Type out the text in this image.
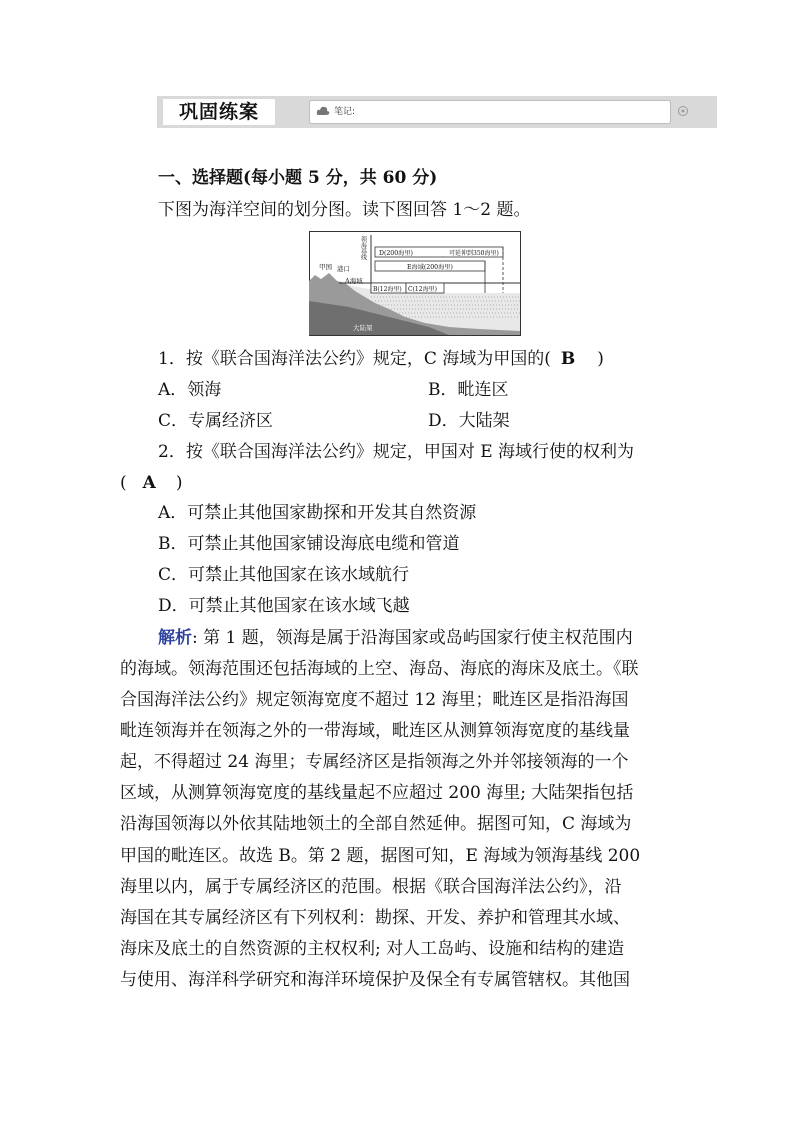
巩固练案	笔记:
一、选择题(每小题 5 分，共 60 分)
下图为海洋空间的划分图。读下图回答 1～2 题。
领海基线
甲国 港口
A海域
D(200海里)	可延伸到350海里)
E海域(200海里)
B(12海里) C(12海里)
大陆架
1．按《联合国海洋法公约》规定，C 海域为甲国的( B )
A．领海	B．毗连区
C．专属经济区	D．大陆架
2．按《联合国海洋法公约》规定，甲国对 E 海域行使的权利为
( A )
A．可禁止其他国家勘探和开发其自然资源
B．可禁止其他国家铺设海底电缆和管道
C．可禁止其他国家在该水域航行
D．可禁止其他国家在该水域飞越
解析: 第 1 题，领海是属于沿海国家或岛屿国家行使主权范围内
的海域。领海范围还包括海域的上空、海岛、海底的海床及底土。《联
合国海洋法公约》规定领海宽度不超过 12 海里；毗连区是指沿海国
毗连领海并在领海之外的一带海域，毗连区从测算领海宽度的基线量
起，不得超过 24 海里；专属经济区是指领海之外并邻接领海的一个
区域，从测算领海宽度的基线量起不应超过 200 海里; 大陆架指包括
沿海国领海以外依其陆地领土的全部自然延伸。据图可知，C 海域为
甲国的毗连区。故选 B。第 2 题，据图可知，E 海域为领海基线 200
海里以内，属于专属经济区的范围。根据《联合国海洋法公约》，沿
海国在其专属经济区有下列权利：勘探、开发、养护和管理其水域、
海床及底土的自然资源的主权权利; 对人工岛屿、设施和结构的建造
与使用、海洋科学研究和海洋环境保护及保全有专属管辖权。其他国
